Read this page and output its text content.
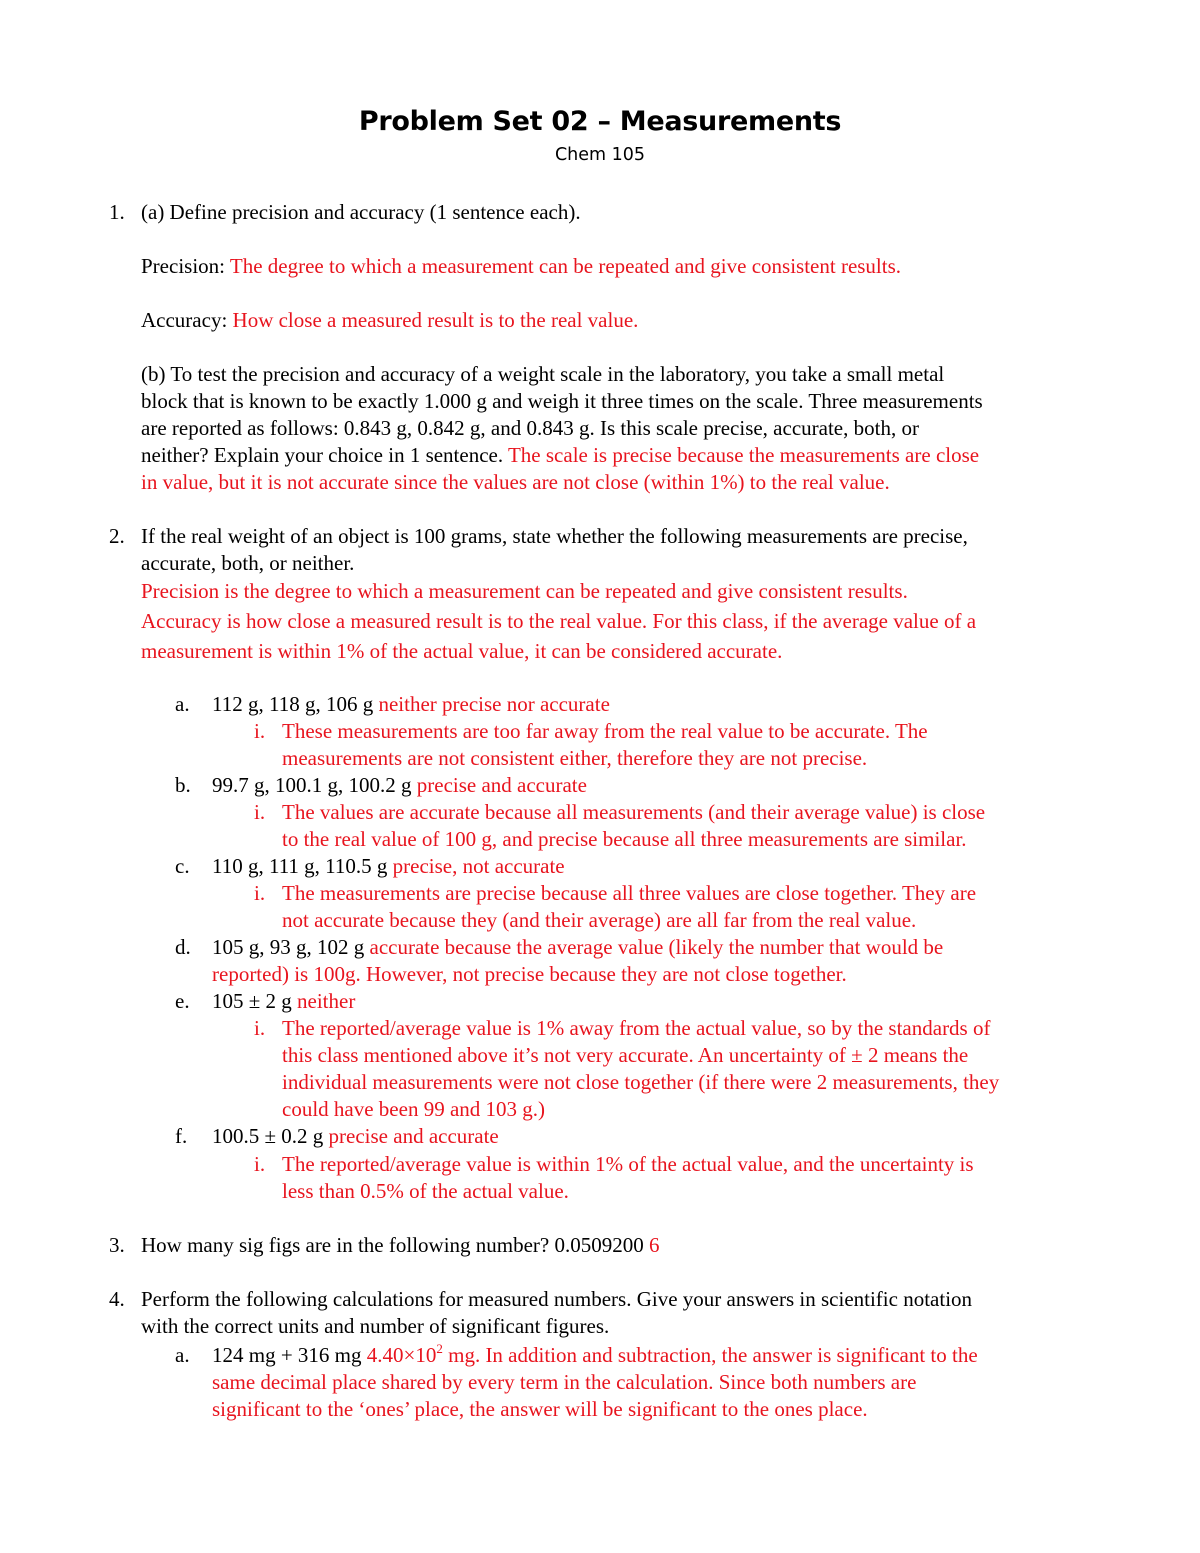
Problem Set 02 – Measurements
Chem 105
1. (a) Define precision and accuracy (1 sentence each).
Precision: The degree to which a measurement can be repeated and give consistent results.
Accuracy: How close a measured result is to the real value.
(b) To test the precision and accuracy of a weight scale in the laboratory, you take a small metal
block that is known to be exactly 1.000 g and weigh it three times on the scale. Three measurements
are reported as follows: 0.843 g, 0.842 g, and 0.843 g. Is this scale precise, accurate, both, or
neither? Explain your choice in 1 sentence. The scale is precise because the measurements are close
in value, but it is not accurate since the values are not close (within 1%) to the real value.
2. If the real weight of an object is 100 grams, state whether the following measurements are precise,
accurate, both, or neither.
Precision is the degree to which a measurement can be repeated and give consistent results.
Accuracy is how close a measured result is to the real value. For this class, if the average value of a
measurement is within 1% of the actual value, it can be considered accurate.
a. 112 g, 118 g, 106 g neither precise nor accurate
i. These measurements are too far away from the real value to be accurate. The
measurements are not consistent either, therefore they are not precise.
b. 99.7 g, 100.1 g, 100.2 g precise and accurate
i. The values are accurate because all measurements (and their average value) is close
to the real value of 100 g, and precise because all three measurements are similar.
c. 110 g, 111 g, 110.5 g precise, not accurate
i. The measurements are precise because all three values are close together. They are
not accurate because they (and their average) are all far from the real value.
d. 105 g, 93 g, 102 g accurate because the average value (likely the number that would be
reported) is 100g. However, not precise because they are not close together.
e. 105 ± 2 g neither
i. The reported/average value is 1% away from the actual value, so by the standards of
this class mentioned above it’s not very accurate. An uncertainty of ± 2 means the
individual measurements were not close together (if there were 2 measurements, they
could have been 99 and 103 g.)
f. 100.5 ± 0.2 g precise and accurate
i. The reported/average value is within 1% of the actual value, and the uncertainty is
less than 0.5% of the actual value.
3. How many sig figs are in the following number? 0.0509200 6
4. Perform the following calculations for measured numbers. Give your answers in scientific notation
with the correct units and number of significant figures.
a. 124 mg + 316 mg $4.40\times 10^2$ mg. In addition and subtraction, the answer is significant to the
same decimal place shared by every term in the calculation. Since both numbers are
significant to the ‘ones’ place, the answer will be significant to the ones place.
